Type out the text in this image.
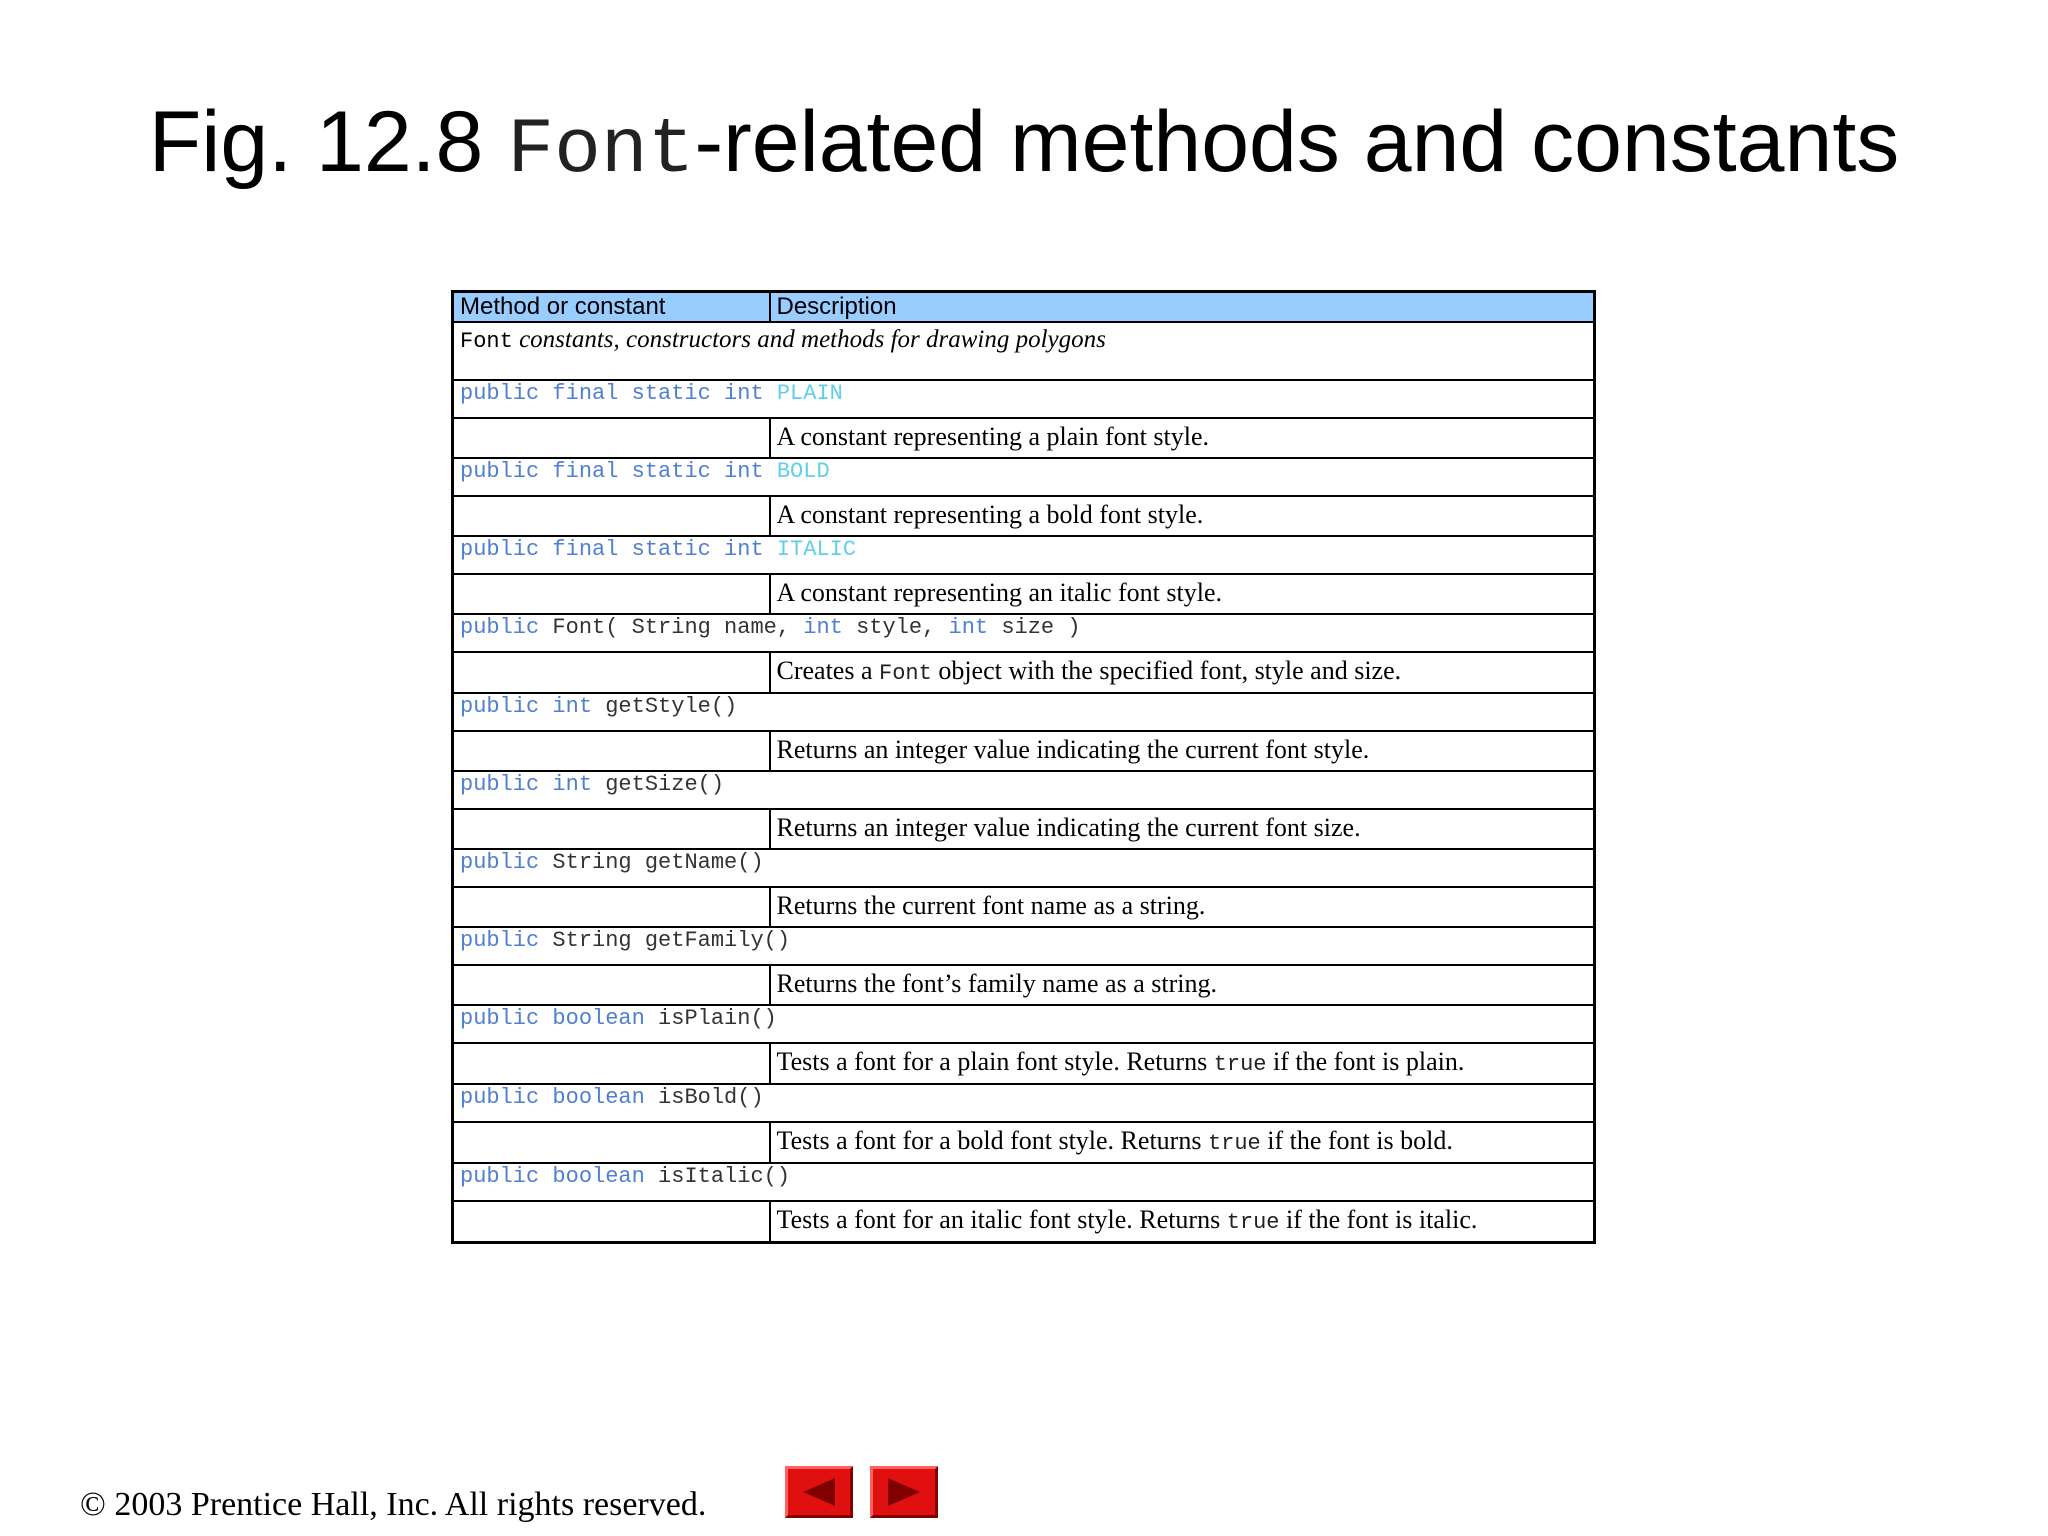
Fig. 12.8 Font-related methods and constants
Method or constant	Description
Font constants, constructors and methods for drawing polygons	
public final static int PLAIN	
	A constant representing a plain font style.
public final static int BOLD	
	A constant representing a bold font style.
public final static int ITALIC	
	A constant representing an italic font style.
public Font( String name, int style, int size )	
	Creates a Font object with the specified font, style and size.
public int getStyle()	
	Returns an integer value indicating the current font style.
public int getSize()	
	Returns an integer value indicating the current font size.
public String getName()	
	Returns the current font name as a string.
public String getFamily()	
	Returns the font’s family name as a string.
public boolean isPlain()	
	Tests a font for a plain font style. Returns true if the font is plain.
public boolean isBold()	
	Tests a font for a bold font style. Returns true if the font is bold.
public boolean isItalic()	
	Tests a font for an italic font style. Returns true if the font is italic.
© 2003 Prentice Hall, Inc. All rights reserved.
